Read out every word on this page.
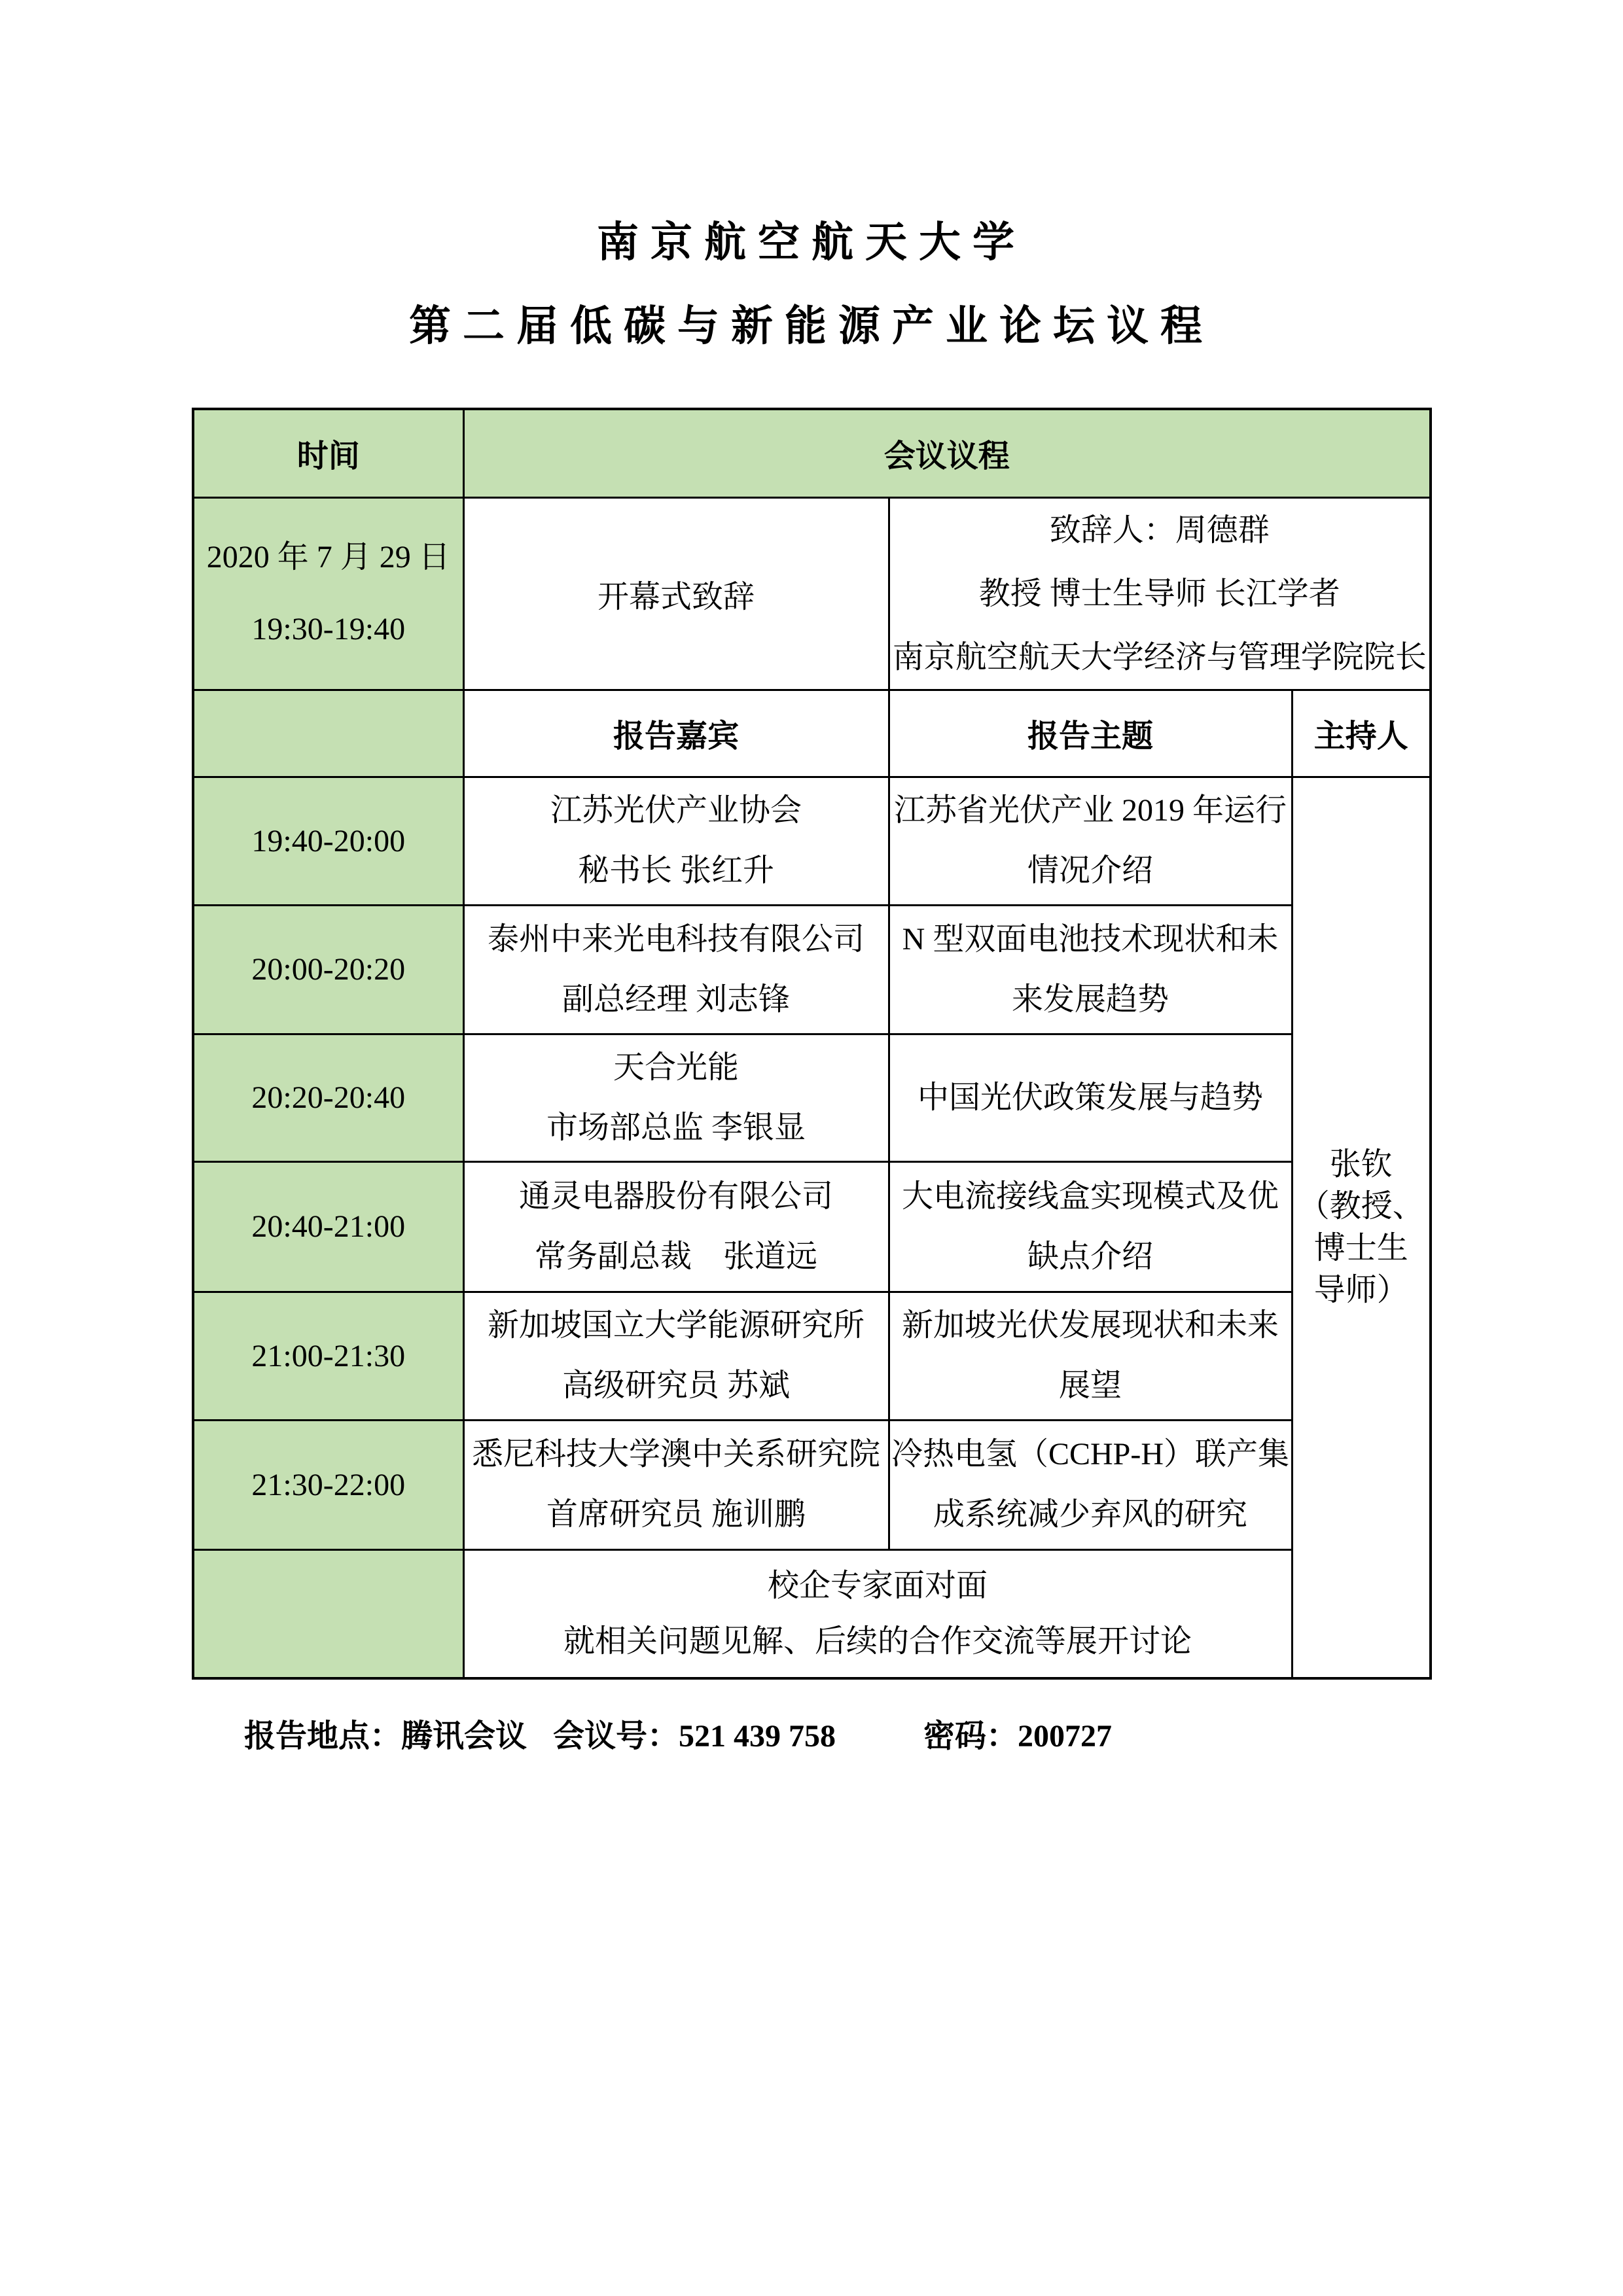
南京航空航天大学
第二届低碳与新能源产业论坛议程
时间	会议议程		

2020 年 7 月 29 日
19:30-19:40	开幕式致辞	致辞人：周德群
教授 博士生导师 长江学者
南京航空航天大学经济与管理学院院长	

	报告嘉宾	报告主题	主持人
19:40-20:00	江苏光伏产业协会
秘书长 张红升	江苏省光伏产业 2019 年运行
情况介绍	张钦
（教授、
博士生
导师）

20:00-20:20	泰州中来光电科技有限公司
副总经理 刘志锋	N 型双面电池技术现状和未
来发展趋势	

20:20-20:40	天合光能
市场部总监 李银显	中国光伏政策发展与趋势	

20:40-21:00	通灵电器股份有限公司
常务副总裁　张道远	大电流接线盒实现模式及优
缺点介绍	

21:00-21:30	新加坡国立大学能源研究所
高级研究员 苏斌	新加坡光伏发展现状和未来
展望	

21:30-22:00	悉尼科技大学澳中关系研究院
首席研究员 施训鹏	冷热电氢（CCHP-H）联产集
成系统减少弃风的研究	

	校企专家面对面
就相关问题见解、后续的合作交流等展开讨论		
报告地点：腾讯会议 会议号：521 439 758	密码：200727
